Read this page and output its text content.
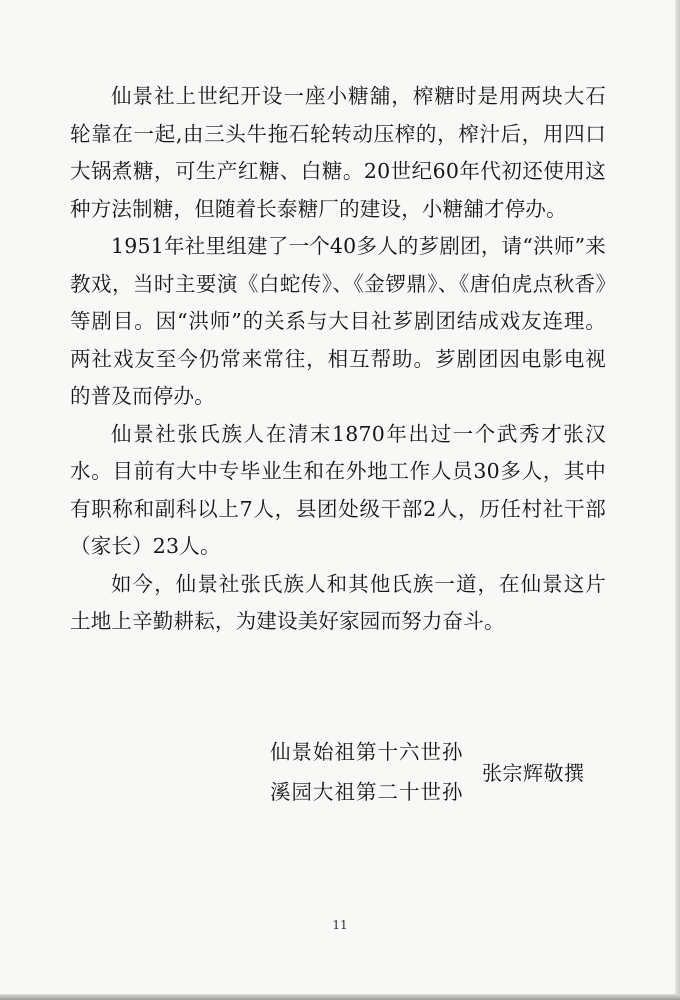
仙景社上世纪开设一座小糖舖，榨糖时是用两块大石轮靠在一起,由三头牛拖石轮转动压榨的，榨汁后，用四口大锅煮糖，可生产红糖、白糖。20世纪60年代初还使用这种方法制糖，但随着长泰糖厂的建设，小糖舖才停办。

1951年社里组建了一个40多人的芗剧团，请“洪师”来教戏，当时主要演《白蛇传》、《金锣鼎》、《唐伯虎点秋香》等剧目。因“洪师”的关系与大目社芗剧团结成戏友连理。两社戏友至今仍常来常往，相互帮助。芗剧团因电影电视的普及而停办。

仙景社张氏族人在清末1870年出过一个武秀才张汉水。目前有大中专毕业生和在外地工作人员30多人，其中有职称和副科以上7人，县团处级干部2人，历任村社干部（家长）23人。

如今，仙景社张氏族人和其他氏族一道，在仙景这片土地上辛勤耕耘，为建设美好家园而努力奋斗。

仙景始祖第十六世孙
溪园大祖第二十世孙
张宗辉敬撰
11
